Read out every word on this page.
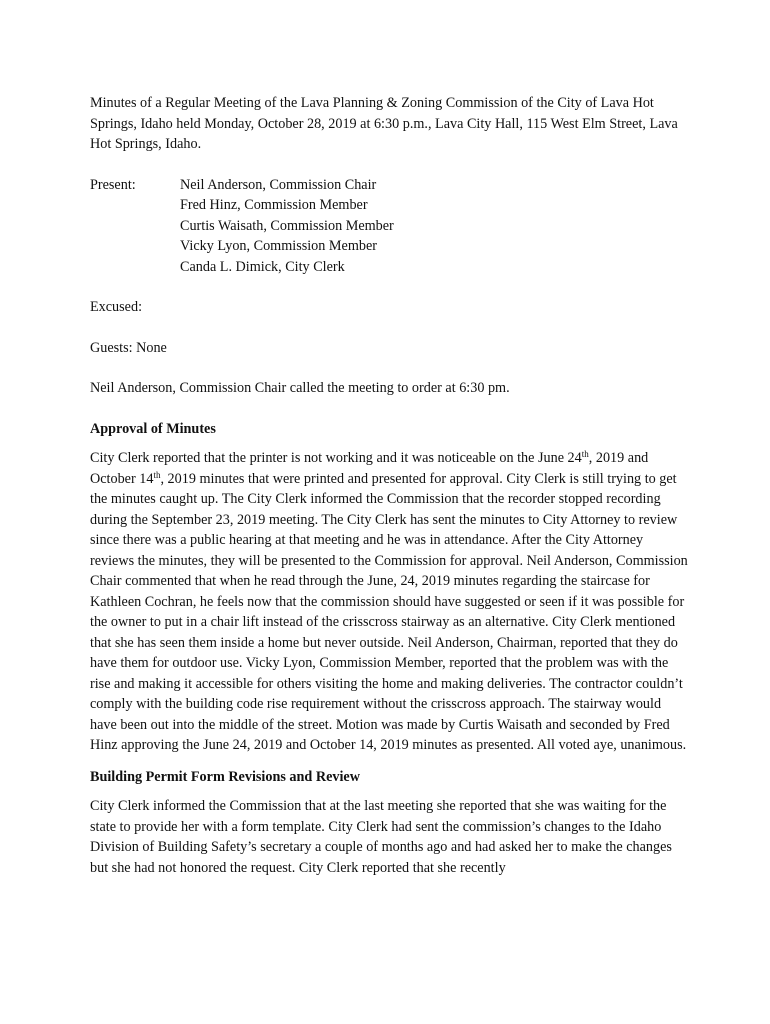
Minutes of a Regular Meeting of the Lava Planning & Zoning Commission of the City of Lava Hot Springs, Idaho held Monday, October 28, 2019 at 6:30 p.m., Lava City Hall, 115 West Elm Street, Lava Hot Springs, Idaho.

Present:	Neil Anderson, Commission Chair
Fred Hinz, Commission Member
Curtis Waisath, Commission Member
Vicky Lyon, Commission Member
Canda L. Dimick, City Clerk

Excused:

Guests: None

Neil Anderson, Commission Chair called the meeting to order at 6:30 pm.

Approval of Minutes

City Clerk reported that the printer is not working and it was noticeable on the June 24th, 2019 and October 14th, 2019 minutes that were printed and presented for approval. City Clerk is still trying to get the minutes caught up. The City Clerk informed the Commission that the recorder stopped recording during the September 23, 2019 meeting. The City Clerk has sent the minutes to City Attorney to review since there was a public hearing at that meeting and he was in attendance. After the City Attorney reviews the minutes, they will be presented to the Commission for approval. Neil Anderson, Commission Chair commented that when he read through the June, 24, 2019 minutes regarding the staircase for Kathleen Cochran, he feels now that the commission should have suggested or seen if it was possible for the owner to put in a chair lift instead of the crisscross stairway as an alternative. City Clerk mentioned that she has seen them inside a home but never outside. Neil Anderson, Chairman, reported that they do have them for outdoor use. Vicky Lyon, Commission Member, reported that the problem was with the rise and making it accessible for others visiting the home and making deliveries. The contractor couldn’t comply with the building code rise requirement without the crisscross approach. The stairway would have been out into the middle of the street. Motion was made by Curtis Waisath and seconded by Fred Hinz approving the June 24, 2019 and October 14, 2019 minutes as presented. All voted aye, unanimous.

Building Permit Form Revisions and Review

City Clerk informed the Commission that at the last meeting she reported that she was waiting for the state to provide her with a form template. City Clerk had sent the commission’s changes to the Idaho Division of Building Safety’s secretary a couple of months ago and had asked her to make the changes but she had not honored the request. City Clerk reported that she recently
